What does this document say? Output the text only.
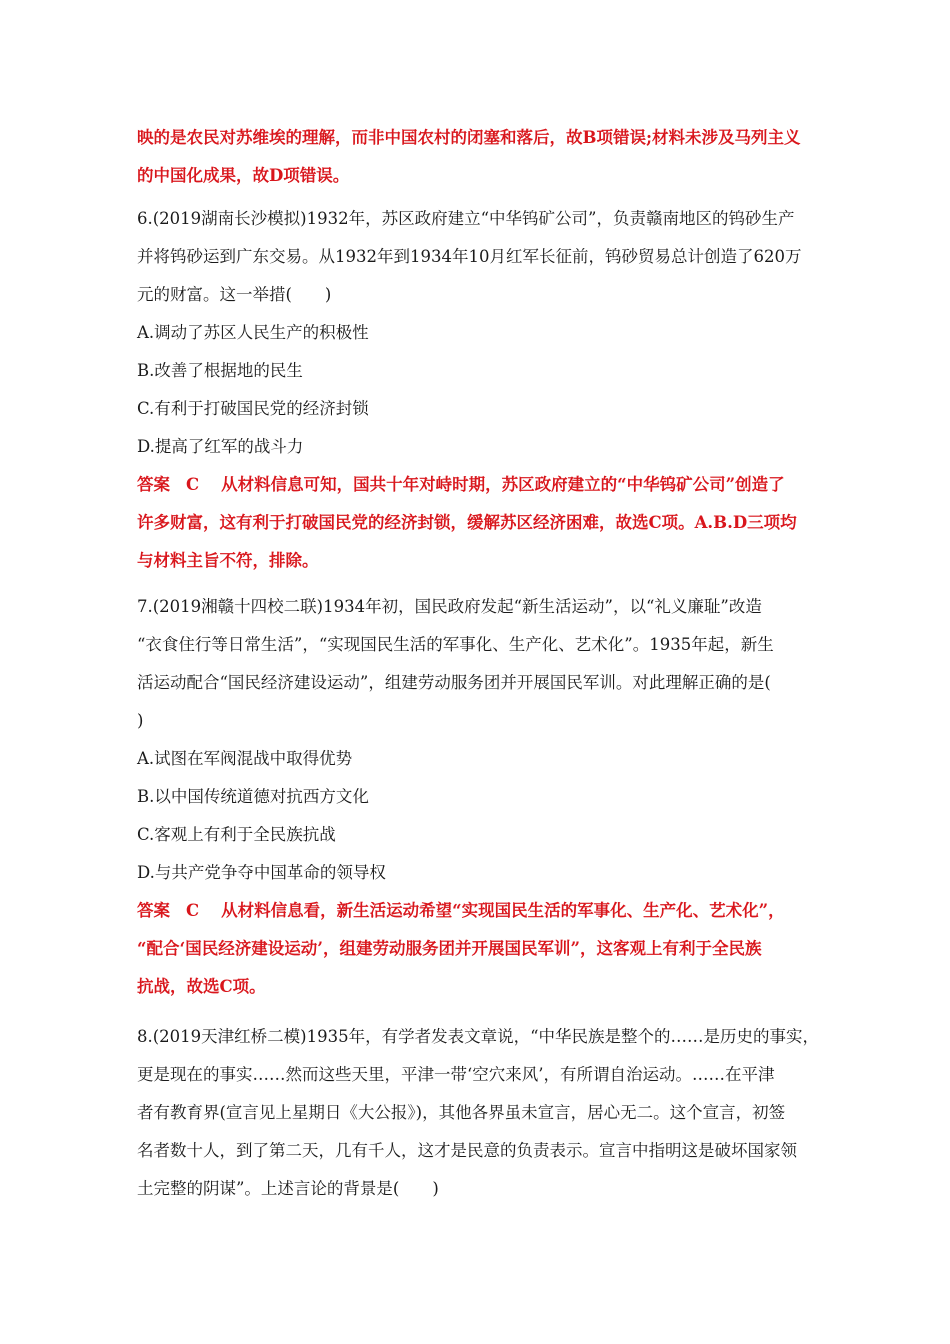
映的是农民对苏维埃的理解，而非中国农村的闭塞和落后，故B项错误;材料未涉及马列主义
的中国化成果，故D项错误。
6.(2019湖南长沙模拟)1932年，苏区政府建立“中华钨矿公司”，负责赣南地区的钨砂生产
并将钨砂运到广东交易。从1932年到1934年10月红军长征前，钨砂贸易总计创造了620万
元的财富。这一举措(　　)
A.调动了苏区人民生产的积极性
B.改善了根据地的民生
C.有利于打破国民党的经济封锁
D.提高了红军的战斗力
答案 C 从材料信息可知，国共十年对峙时期，苏区政府建立的“中华钨矿公司”创造了
许多财富，这有利于打破国民党的经济封锁，缓解苏区经济困难，故选C项。A.B.D三项均
与材料主旨不符，排除。
7.(2019湘赣十四校二联)1934年初，国民政府发起“新生活运动”，以“礼义廉耻”改造
“衣食住行等日常生活”，“实现国民生活的军事化、生产化、艺术化”。1935年起，新生
活运动配合“国民经济建设运动”，组建劳动服务团并开展国民军训。对此理解正确的是(
)
A.试图在军阀混战中取得优势
B.以中国传统道德对抗西方文化
C.客观上有利于全民族抗战
D.与共产党争夺中国革命的领导权
答案 C 从材料信息看，新生活运动希望“实现国民生活的军事化、生产化、艺术化”，
“配合‘国民经济建设运动’，组建劳动服务团并开展国民军训”，这客观上有利于全民族
抗战，故选C项。
8.(2019天津红桥二模)1935年，有学者发表文章说，“中华民族是整个的……是历史的事实，
更是现在的事实……然而这些天里，平津一带‘空穴来风’，有所谓自治运动。……在平津
者有教育界(宣言见上星期日《大公报》)，其他各界虽未宣言，居心无二。这个宣言，初签
名者数十人，到了第二天，几有千人，这才是民意的负责表示。宣言中指明这是破坏国家领
土完整的阴谋”。上述言论的背景是(　　)
